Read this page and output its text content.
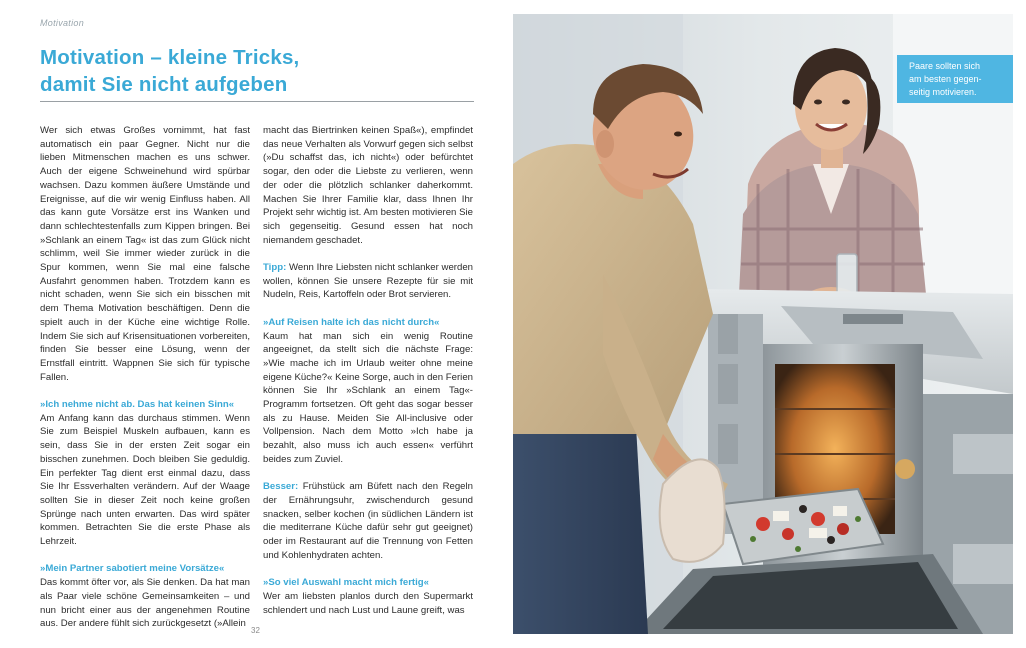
Motivation
Motivation – kleine Tricks,
damit Sie nicht aufgeben

Wer sich etwas Großes vornimmt, hat fast automatisch ein paar Gegner. Nicht nur die lieben Mitmenschen machen es uns schwer. Auch der eigene Schweinehund wird spürbar wachsen. Dazu kommen äußere Umstände und Ereignisse, auf die wir wenig Einfluss haben. All das kann gute Vorsätze erst ins Wanken und dann schlechtestenfalls zum Kippen bringen. Bei »Schlank an einem Tag« ist das zum Glück nicht schlimm, weil Sie immer wieder zurück in die Spur kommen, wenn Sie mal eine falsche Ausfahrt genommen haben. Trotzdem kann es nicht schaden, wenn Sie sich ein bisschen mit dem Thema Motivation beschäftigen. Denn die spielt auch in der Küche eine wichtige Rolle. Indem Sie sich auf Krisensituationen vorbereiten, finden Sie besser eine Lösung, wenn der Ernstfall eintritt. Wappnen Sie sich für typische Fallen.

»Ich nehme nicht ab. Das hat keinen Sinn«
Am Anfang kann das durchaus stimmen. Wenn Sie zum Beispiel Muskeln aufbauen, kann es sein, dass Sie in der ersten Zeit sogar ein bisschen zunehmen. Doch bleiben Sie geduldig. Ein perfekter Tag dient erst einmal dazu, dass Sie Ihr Essverhalten verändern. Auf der Waage sollten Sie in dieser Zeit noch keine großen Sprünge nach unten erwarten. Das wird später kommen. Betrachten Sie die erste Phase als Lehrzeit.

»Mein Partner sabotiert meine Vorsätze«
Das kommt öfter vor, als Sie denken. Da hat man als Paar viele schöne Gemeinsamkeiten – und nun bricht einer aus der angenehmen Routine aus. Der andere fühlt sich zurückgesetzt (»Allein

macht das Biertrinken keinen Spaß«), empfindet das neue Verhalten als Vorwurf gegen sich selbst (»Du schaffst das, ich nicht«) oder befürchtet sogar, den oder die Liebste zu verlieren, wenn der oder die plötzlich schlanker daherkommt. Machen Sie Ihrer Familie klar, dass Ihnen Ihr Projekt sehr wichtig ist. Am besten motivieren Sie sich gegenseitig. Gesund essen hat noch niemandem geschadet.

Tipp: Wenn Ihre Liebsten nicht schlanker werden wollen, können Sie unsere Rezepte für sie mit Nudeln, Reis, Kartoffeln oder Brot servieren.

»Auf Reisen halte ich das nicht durch«
Kaum hat man sich ein wenig Routine angeeignet, da stellt sich die nächste Frage: »Wie mache ich im Urlaub weiter ohne meine eigene Küche?« Keine Sorge, auch in den Ferien können Sie Ihr »Schlank an einem Tag«-Programm fortsetzen. Oft geht das sogar besser als zu Hause. Meiden Sie All-inclusive oder Vollpension. Nach dem Motto »Ich habe ja bezahlt, also muss ich auch essen« verführt beides zum Zuviel.

Besser: Frühstück am Büfett nach den Regeln der Ernährungsuhr, zwischendurch gesund snacken, selber kochen (in südlichen Ländern ist die mediterrane Küche dafür sehr gut geeignet) oder im Restaurant auf die Trennung von Fetten und Kohlenhydraten achten.

»So viel Auswahl macht mich fertig«
Wer am liebsten planlos durch den Supermarkt schlendert und nach Lust und Laune greift, was

32
Paare sollten sich
am besten gegen-
seitig motivieren.
